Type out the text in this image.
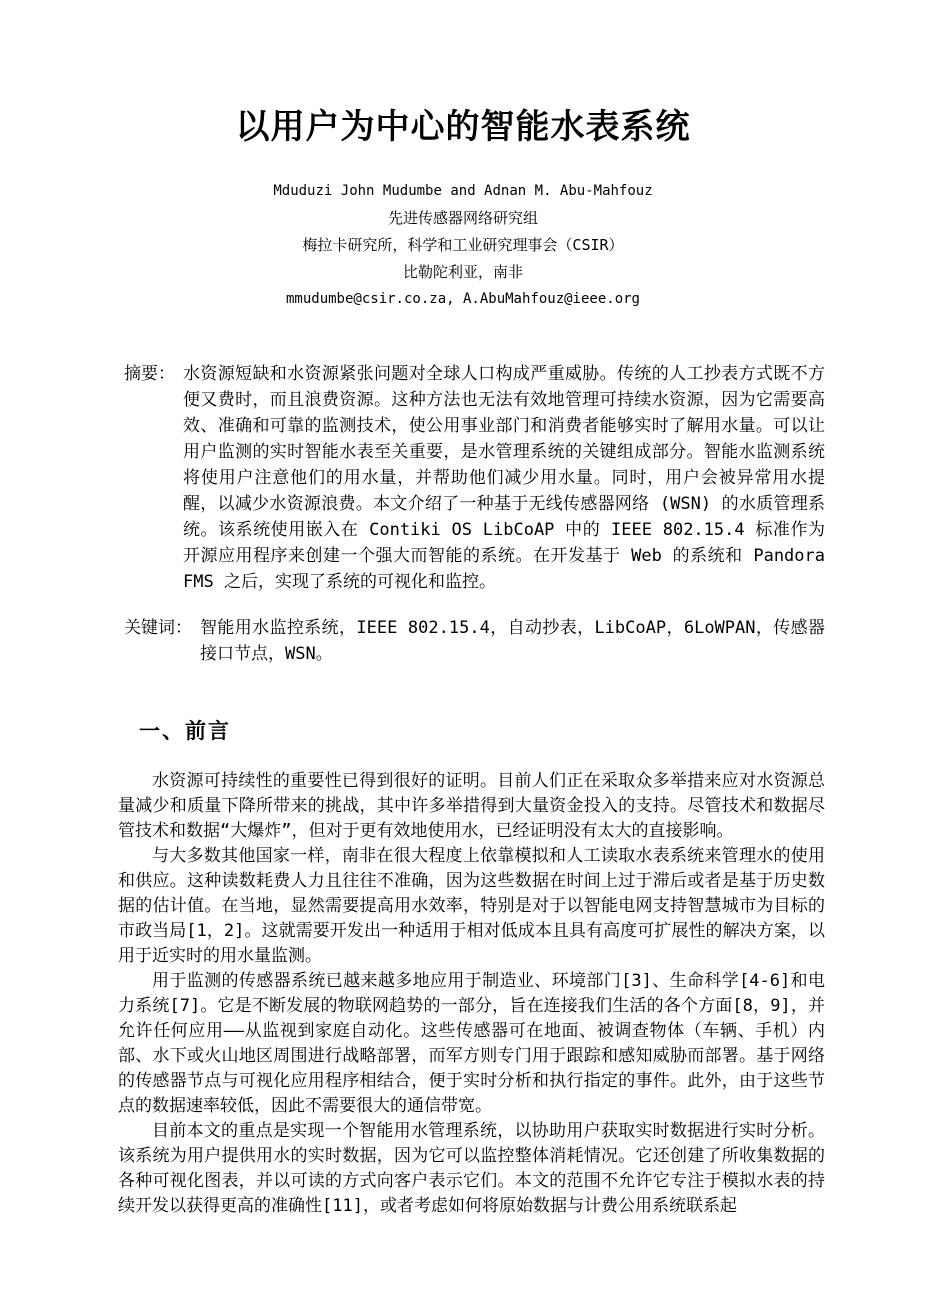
以用户为中心的智能水表系统
Mduduzi John Mudumbe and Adnan M. Abu-Mahfouz
先进传感器网络研究组
梅拉卡研究所，科学和工业研究理事会（CSIR）
比勒陀利亚，南非
mmudumbe@csir.co.za, A.AbuMahfouz@ieee.org
摘要： 水资源短缺和水资源紧张问题对全球人口构成严重威胁。传统的人工抄表方式既不方便又费时，而且浪费资源。这种方法也无法有效地管理可持续水资源，因为它需要高效、准确和可靠的监测技术，使公用事业部门和消费者能够实时了解用水量。可以让用户监测的实时智能水表至关重要，是水管理系统的关键组成部分。智能水监测系统将使用户注意他们的用水量，并帮助他们减少用水量。同时，用户会被异常用水提醒，以减少水资源浪费。本文介绍了一种基于无线传感器网络 (WSN) 的水质管理系统。该系统使用嵌入在 Contiki OS LibCoAP 中的 IEEE 802.15.4 标准作为开源应用程序来创建一个强大而智能的系统。在开发基于 Web 的系统和 Pandora FMS 之后，实现了系统的可视化和监控。
关键词： 智能用水监控系统，IEEE 802.15.4，自动抄表，LibCoAP，6LoWPAN，传感器接口节点，WSN。
一、前言

水资源可持续性的重要性已得到很好的证明。目前人们正在采取众多举措来应对水资源总量减少和质量下降所带来的挑战，其中许多举措得到大量资金投入的支持。尽管技术和数据尽管技术和数据“大爆炸”，但对于更有效地使用水，已经证明没有太大的直接影响。

与大多数其他国家一样，南非在很大程度上依靠模拟和人工读取水表系统来管理水的使用和供应。这种读数耗费人力且往往不准确，因为这些数据在时间上过于滞后或者是基于历史数据的估计值。在当地，显然需要提高用水效率，特别是对于以智能电网支持智慧城市为目标的市政当局[1，2]。这就需要开发出一种适用于相对低成本且具有高度可扩展性的解决方案，以用于近实时的用水量监测。

用于监测的传感器系统已越来越多地应用于制造业、环境部门[3]、生命科学[4-6]和电力系统[7]。它是不断发展的物联网趋势的一部分，旨在连接我们生活的各个方面[8，9]，并允许任何应用——从监视到家庭自动化。这些传感器可在地面、被调查物体（车辆、手机）内部、水下或火山地区周围进行战略部署，而军方则专门用于跟踪和感知威胁而部署。基于网络的传感器节点与可视化应用程序相结合，便于实时分析和执行指定的事件。此外，由于这些节点的数据速率较低，因此不需要很大的通信带宽。

目前本文的重点是实现一个智能用水管理系统，以协助用户获取实时数据进行实时分析。该系统为用户提供用水的实时数据，因为它可以监控整体消耗情况。它还创建了所收集数据的各种可视化图表，并以可读的方式向客户表示它们。本文的范围不允许它专注于模拟水表的持续开发以获得更高的准确性[11]，或者考虑如何将原始数据与计费公用系统联系起
